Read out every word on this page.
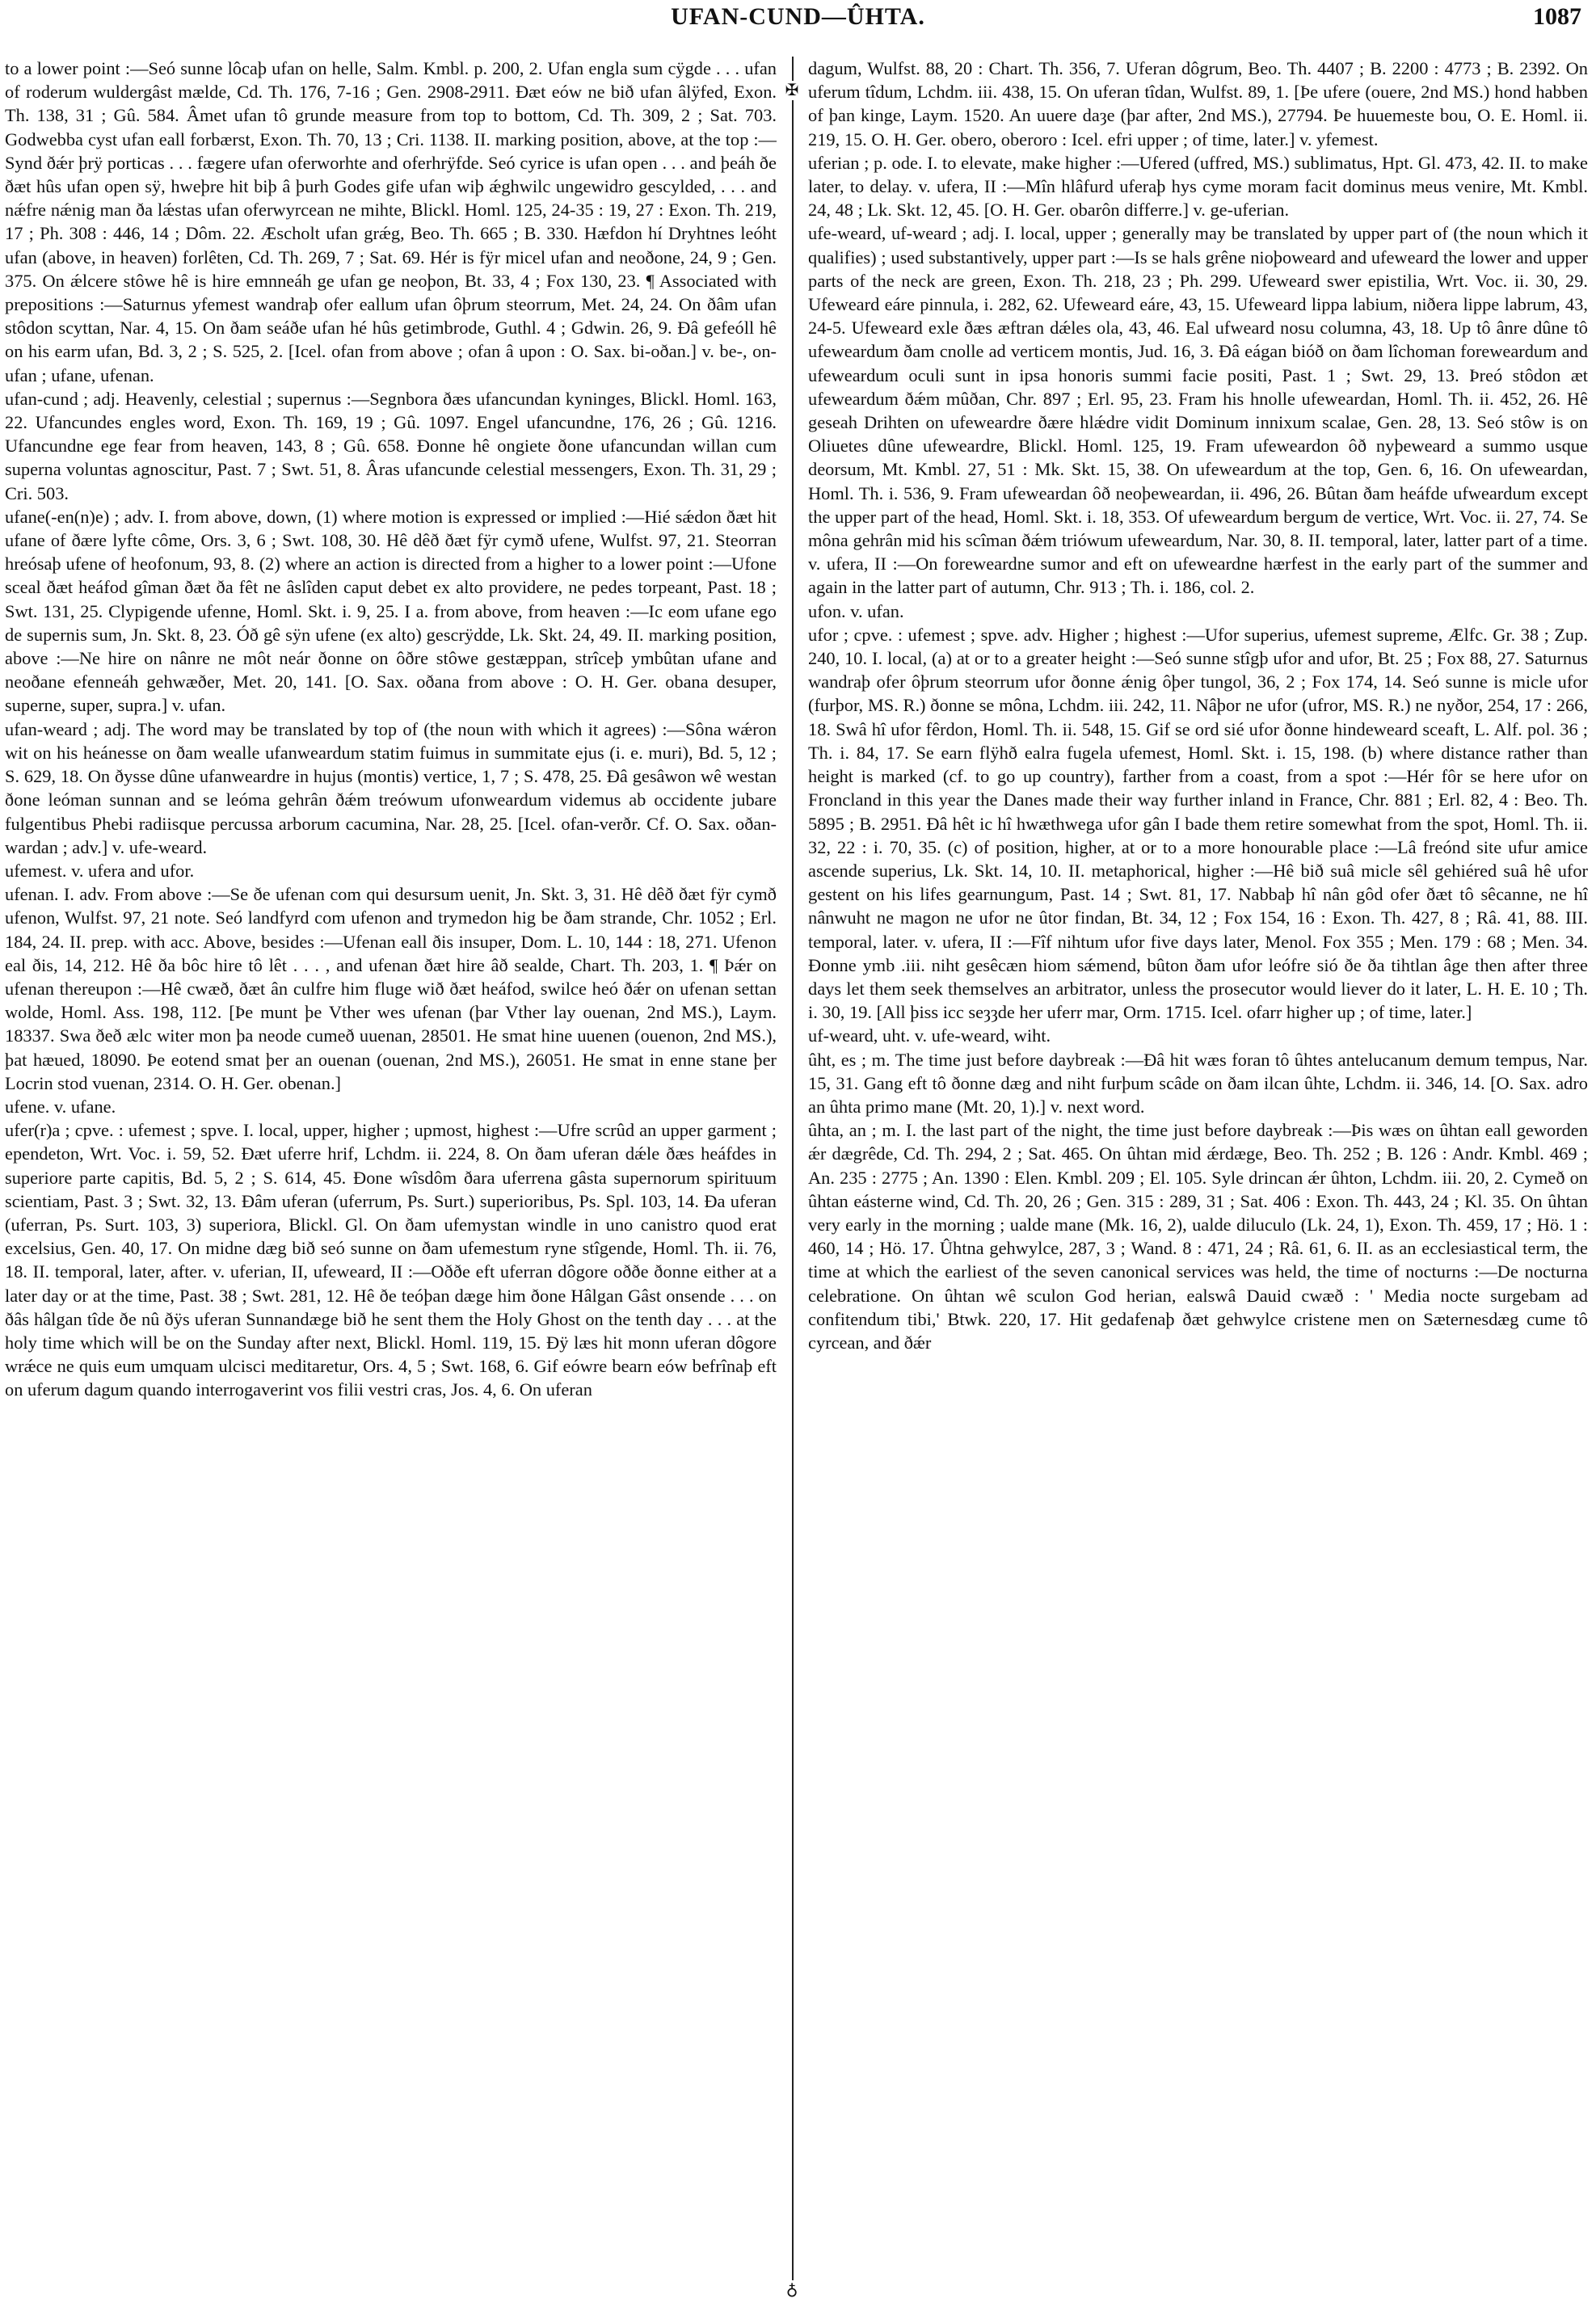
UFAN-CUND—ÛHTA.	1087
✠
♁

to a lower point :—Seó sunne lôcaþ ufan on helle, Salm. Kmbl. p. 200, 2. Ufan engla sum cÿgde . . . ufan of roderum wuldergâst mælde, Cd. Th. 176, 7-16 ; Gen. 2908-2911. Ðæt eów ne bið ufan âlÿfed, Exon. Th. 138, 31 ; Gû. 584. Âmet ufan tô grunde measure from top to bottom, Cd. Th. 309, 2 ; Sat. 703. Godwebba cyst ufan eall forbærst, Exon. Th. 70, 13 ; Cri. 1138. II. marking position, above, at the top :—Synd ðǽr þrÿ porticas . . . fægere ufan oferworhte and oferhrÿfde. Seó cyrice is ufan open . . . and þeáh ðe ðæt hûs ufan open sÿ, hweþre hit biþ â þurh Godes gife ufan wiþ ǽghwilc ungewidro gescylded, . . . and nǽfre nǽnig man ða lǽstas ufan oferwyrcean ne mihte, Blickl. Homl. 125, 24-35 : 19, 27 : Exon. Th. 219, 17 ; Ph. 308 : 446, 14 ; Dôm. 22. Æscholt ufan grǽg, Beo. Th. 665 ; B. 330. Hæfdon hí Dryhtnes leóht ufan (above, in heaven) forlêten, Cd. Th. 269, 7 ; Sat. 69. Hér is fÿr micel ufan and neoðone, 24, 9 ; Gen. 375. On ǽlcere stôwe hê is hire emnneáh ge ufan ge neoþon, Bt. 33, 4 ; Fox 130, 23. ¶ Associated with prepositions :—Saturnus yfemest wandraþ ofer eallum ufan ôþrum steorrum, Met. 24, 24. On ðâm ufan stôdon scyttan, Nar. 4, 15. On ðam seáðe ufan hé hûs getimbrode, Guthl. 4 ; Gdwin. 26, 9. Ðâ gefeóll hê on his earm ufan, Bd. 3, 2 ; S. 525, 2. [Icel. ofan from above ; ofan â upon : O. Sax. bi-oðan.] v. be-, on-ufan ; ufane, ufenan.

ufan-cund ; adj. Heavenly, celestial ; supernus :—Segnbora ðæs ufancundan kyninges, Blickl. Homl. 163, 22. Ufancundes engles word, Exon. Th. 169, 19 ; Gû. 1097. Engel ufancundne, 176, 26 ; Gû. 1216. Ufancundne ege fear from heaven, 143, 8 ; Gû. 658. Ðonne hê ongiete ðone ufancundan willan cum superna voluntas agnoscitur, Past. 7 ; Swt. 51, 8. Âras ufancunde celestial messengers, Exon. Th. 31, 29 ; Cri. 503.

ufane(-en(n)e) ; adv. I. from above, down, (1) where motion is expressed or implied :—Hié sǽdon ðæt hit ufane of ðære lyfte côme, Ors. 3, 6 ; Swt. 108, 30. Hê dêð ðæt fÿr cymð ufene, Wulfst. 97, 21. Steorran hreósaþ ufene of heofonum, 93, 8. (2) where an action is directed from a higher to a lower point :—Ufone sceal ðæt heáfod gîman ðæt ða fêt ne âslîden caput debet ex alto providere, ne pedes torpeant, Past. 18 ; Swt. 131, 25. Clypigende ufenne, Homl. Skt. i. 9, 25. I a. from above, from heaven :—Ic eom ufane ego de supernis sum, Jn. Skt. 8, 23. Óð gê sÿn ufene (ex alto) gescrÿdde, Lk. Skt. 24, 49. II. marking position, above :—Ne hire on nânre ne môt neár ðonne on ôðre stôwe gestæppan, strîceþ ymbûtan ufane and neoðane efenneáh gehwæðer, Met. 20, 141. [O. Sax. oðana from above : O. H. Ger. obana desuper, superne, super, supra.] v. ufan.

ufan-weard ; adj. The word may be translated by top of (the noun with which it agrees) :—Sôna wǽron wit on his heánesse on ðam wealle ufanweardum statim fuimus in summitate ejus (i. e. muri), Bd. 5, 12 ; S. 629, 18. On ðysse dûne ufanweardre in hujus (montis) vertice, 1, 7 ; S. 478, 25. Ðâ gesâwon wê westan ðone leóman sunnan and se leóma gehrân ðǽm treówum ufonweardum videmus ab occidente jubare fulgentibus Phebi radiisque percussa arborum cacumina, Nar. 28, 25. [Icel. ofan-verðr. Cf. O. Sax. oðan-wardan ; adv.] v. ufe-weard.

ufemest. v. ufera and ufor.

ufenan. I. adv. From above :—Se ðe ufenan com qui desursum uenit, Jn. Skt. 3, 31. Hê dêð ðæt fÿr cymð ufenon, Wulfst. 97, 21 note. Seó landfyrd com ufenon and trymedon hig be ðam strande, Chr. 1052 ; Erl. 184, 24. II. prep. with acc. Above, besides :—Ufenan eall ðis insuper, Dom. L. 10, 144 : 18, 271. Ufenon eal ðis, 14, 212. Hê ða bôc hire tô lêt . . . , and ufenan ðæt hire âð sealde, Chart. Th. 203, 1. ¶ Þǽr on ufenan thereupon :—Hê cwæð, ðæt ân culfre him fluge wið ðæt heáfod, swilce heó ðǽr on ufenan settan wolde, Homl. Ass. 198, 112. [Þe munt þe Vther wes ufenan (þar Vther lay ouenan, 2nd MS.), Laym. 18337. Swa ðeð ælc witer mon þa neode cumeð uuenan, 28501. He smat hine uuenen (ouenon, 2nd MS.), þat hæued, 18090. Þe eotend smat þer an ouenan (ouenan, 2nd MS.), 26051. He smat in enne stane þer Locrin stod vuenan, 2314. O. H. Ger. obenan.]

ufene. v. ufane.

ufer(r)a ; cpve. : ufemest ; spve. I. local, upper, higher ; upmost, highest :—Ufre scrûd an upper garment ; ependeton, Wrt. Voc. i. 59, 52. Ðæt uferre hrif, Lchdm. ii. 224, 8. On ðam uferan dǽle ðæs heáfdes in superiore parte capitis, Bd. 5, 2 ; S. 614, 45. Ðone wîsdôm ðara uferrena gâsta supernorum spirituum scientiam, Past. 3 ; Swt. 32, 13. Ðâm uferan (uferrum, Ps. Surt.) superioribus, Ps. Spl. 103, 14. Ða uferan (uferran, Ps. Surt. 103, 3) superiora, Blickl. Gl. On ðam ufemystan windle in uno canistro quod erat excelsius, Gen. 40, 17. On midne dæg bið seó sunne on ðam ufemestum ryne stîgende, Homl. Th. ii. 76, 18. II. temporal, later, after. v. uferian, II, ufeweard, II :—Oððe eft uferran dôgore oððe ðonne either at a later day or at the time, Past. 38 ; Swt. 281, 12. Hê ðe teóþan dæge him ðone Hâlgan Gâst onsende . . . on ðâs hâlgan tîde ðe nû ðÿs uferan Sunnandæge bið he sent them the Holy Ghost on the tenth day . . . at the holy time which will be on the Sunday after next, Blickl. Homl. 119, 15. Ðÿ læs hit monn uferan dôgore wrǽce ne quis eum umquam ulcisci meditaretur, Ors. 4, 5 ; Swt. 168, 6. Gif eówre bearn eów befrînaþ eft on uferum dagum quando interrogaverint vos filii vestri cras, Jos. 4, 6. On uferan

dagum, Wulfst. 88, 20 : Chart. Th. 356, 7. Uferan dôgrum, Beo. Th. 4407 ; B. 2200 : 4773 ; B. 2392. On uferum tîdum, Lchdm. iii. 438, 15. On uferan tîdan, Wulfst. 89, 1. [Þe ufere (ouere, 2nd MS.) hond habben of þan kinge, Laym. 1520. An uuere daȝe (þar after, 2nd MS.), 27794. Þe huuemeste bou, O. E. Homl. ii. 219, 15. O. H. Ger. obero, oberoro : Icel. efri upper ; of time, later.] v. yfemest.

uferian ; p. ode. I. to elevate, make higher :—Ufered (uffred, MS.) sublimatus, Hpt. Gl. 473, 42. II. to make later, to delay. v. ufera, II :—Mîn hlâfurd uferaþ hys cyme moram facit dominus meus venire, Mt. Kmbl. 24, 48 ; Lk. Skt. 12, 45. [O. H. Ger. obarôn differre.] v. ge-uferian.

ufe-weard, uf-weard ; adj. I. local, upper ; generally may be translated by upper part of (the noun which it qualifies) ; used substantively, upper part :—Is se hals grêne nioþoweard and ufeweard the lower and upper parts of the neck are green, Exon. Th. 218, 23 ; Ph. 299. Ufeweard swer epistilia, Wrt. Voc. ii. 30, 29. Ufeweard eáre pinnula, i. 282, 62. Ufeweard eáre, 43, 15. Ufeweard lippa labium, niðera lippe labrum, 43, 24-5. Ufeweard exle ðæs æftran dǽles ola, 43, 46. Eal ufweard nosu columna, 43, 18. Up tô ânre dûne tô ufeweardum ðam cnolle ad verticem montis, Jud. 16, 3. Ðâ eágan bióð on ðam lîchoman foreweardum and ufeweardum oculi sunt in ipsa honoris summi facie positi, Past. 1 ; Swt. 29, 13. Þreó stôdon æt ufeweardum ðǽm mûðan, Chr. 897 ; Erl. 95, 23. Fram his hnolle ufeweardan, Homl. Th. ii. 452, 26. Hê geseah Drihten on ufeweardre ðære hlǽdre vidit Dominum innixum scalae, Gen. 28, 13. Seó stôw is on Oliuetes dûne ufeweardre, Blickl. Homl. 125, 19. Fram ufeweardon ôð nyþeweard a summo usque deorsum, Mt. Kmbl. 27, 51 : Mk. Skt. 15, 38. On ufeweardum at the top, Gen. 6, 16. On ufeweardan, Homl. Th. i. 536, 9. Fram ufeweardan ôð neoþeweardan, ii. 496, 26. Bûtan ðam heáfde ufweardum except the upper part of the head, Homl. Skt. i. 18, 353. Of ufeweardum bergum de vertice, Wrt. Voc. ii. 27, 74. Se môna gehrân mid his scîman ðǽm triówum ufeweardum, Nar. 30, 8. II. temporal, later, latter part of a time. v. ufera, II :—On foreweardne sumor and eft on ufeweardne hærfest in the early part of the summer and again in the latter part of autumn, Chr. 913 ; Th. i. 186, col. 2.

ufon. v. ufan.

ufor ; cpve. : ufemest ; spve. adv. Higher ; highest :—Ufor superius, ufemest supreme, Ælfc. Gr. 38 ; Zup. 240, 10. I. local, (a) at or to a greater height :—Seó sunne stîgþ ufor and ufor, Bt. 25 ; Fox 88, 27. Saturnus wandraþ ofer ôþrum steorrum ufor ðonne ǽnig ôþer tungol, 36, 2 ; Fox 174, 14. Seó sunne is micle ufor (furþor, MS. R.) ðonne se môna, Lchdm. iii. 242, 11. Nâþor ne ufor (ufror, MS. R.) ne nyðor, 254, 17 : 266, 18. Swâ hî ufor fêrdon, Homl. Th. ii. 548, 15. Gif se ord sié ufor ðonne hindeweard sceaft, L. Alf. pol. 36 ; Th. i. 84, 17. Se earn flÿhð ealra fugela ufemest, Homl. Skt. i. 15, 198. (b) where distance rather than height is marked (cf. to go up country), farther from a coast, from a spot :—Hér fôr se here ufor on Froncland in this year the Danes made their way further inland in France, Chr. 881 ; Erl. 82, 4 : Beo. Th. 5895 ; B. 2951. Ðâ hêt ic hî hwæthwega ufor gân I bade them retire somewhat from the spot, Homl. Th. ii. 32, 22 : i. 70, 35. (c) of position, higher, at or to a more honourable place :—Lâ freónd site ufur amice ascende superius, Lk. Skt. 14, 10. II. metaphorical, higher :—Hê bið suâ micle sêl gehiéred suâ hê ufor gestent on his lifes gearnungum, Past. 14 ; Swt. 81, 17. Nabbaþ hî nân gôd ofer ðæt tô sêcanne, ne hî nânwuht ne magon ne ufor ne ûtor findan, Bt. 34, 12 ; Fox 154, 16 : Exon. Th. 427, 8 ; Râ. 41, 88. III. temporal, later. v. ufera, II :—Fîf nihtum ufor five days later, Menol. Fox 355 ; Men. 179 : 68 ; Men. 34. Ðonne ymb .iii. niht gesêcæn hiom sǽmend, bûton ðam ufor leófre sió ðe ða tihtlan âge then after three days let them seek themselves an arbitrator, unless the prosecutor would liever do it later, L. H. E. 10 ; Th. i. 30, 19. [All þiss icc seȝȝde her uferr mar, Orm. 1715. Icel. ofarr higher up ; of time, later.]

uf-weard, uht. v. ufe-weard, wiht.

ûht, es ; m. The time just before daybreak :—Ðâ hit wæs foran tô ûhtes antelucanum demum tempus, Nar. 15, 31. Gang eft tô ðonne dæg and niht furþum scâde on ðam ilcan ûhte, Lchdm. ii. 346, 14. [O. Sax. adro an ûhta primo mane (Mt. 20, 1).] v. next word.

ûhta, an ; m. I. the last part of the night, the time just before daybreak :—Þis wæs on ûhtan eall geworden ǽr dægrêde, Cd. Th. 294, 2 ; Sat. 465. On ûhtan mid ǽrdæge, Beo. Th. 252 ; B. 126 : Andr. Kmbl. 469 ; An. 235 : 2775 ; An. 1390 : Elen. Kmbl. 209 ; El. 105. Syle drincan ǽr ûhton, Lchdm. iii. 20, 2. Cymeð on ûhtan eásterne wind, Cd. Th. 20, 26 ; Gen. 315 : 289, 31 ; Sat. 406 : Exon. Th. 443, 24 ; Kl. 35. On ûhtan very early in the morning ; ualde mane (Mk. 16, 2), ualde diluculo (Lk. 24, 1), Exon. Th. 459, 17 ; Hö. 1 : 460, 14 ; Hö. 17. Ûhtna gehwylce, 287, 3 ; Wand. 8 : 471, 24 ; Râ. 61, 6. II. as an ecclesiastical term, the time at which the earliest of the seven canonical services was held, the time of nocturns :—De nocturna celebratione. On ûhtan wê sculon God herian, ealswâ Dauid cwæð : ' Media nocte surgebam ad confitendum tibi,' Btwk. 220, 17. Hit gedafenaþ ðæt gehwylce cristene men on Sæternesdæg cume tô cyrcean, and ðǽr
